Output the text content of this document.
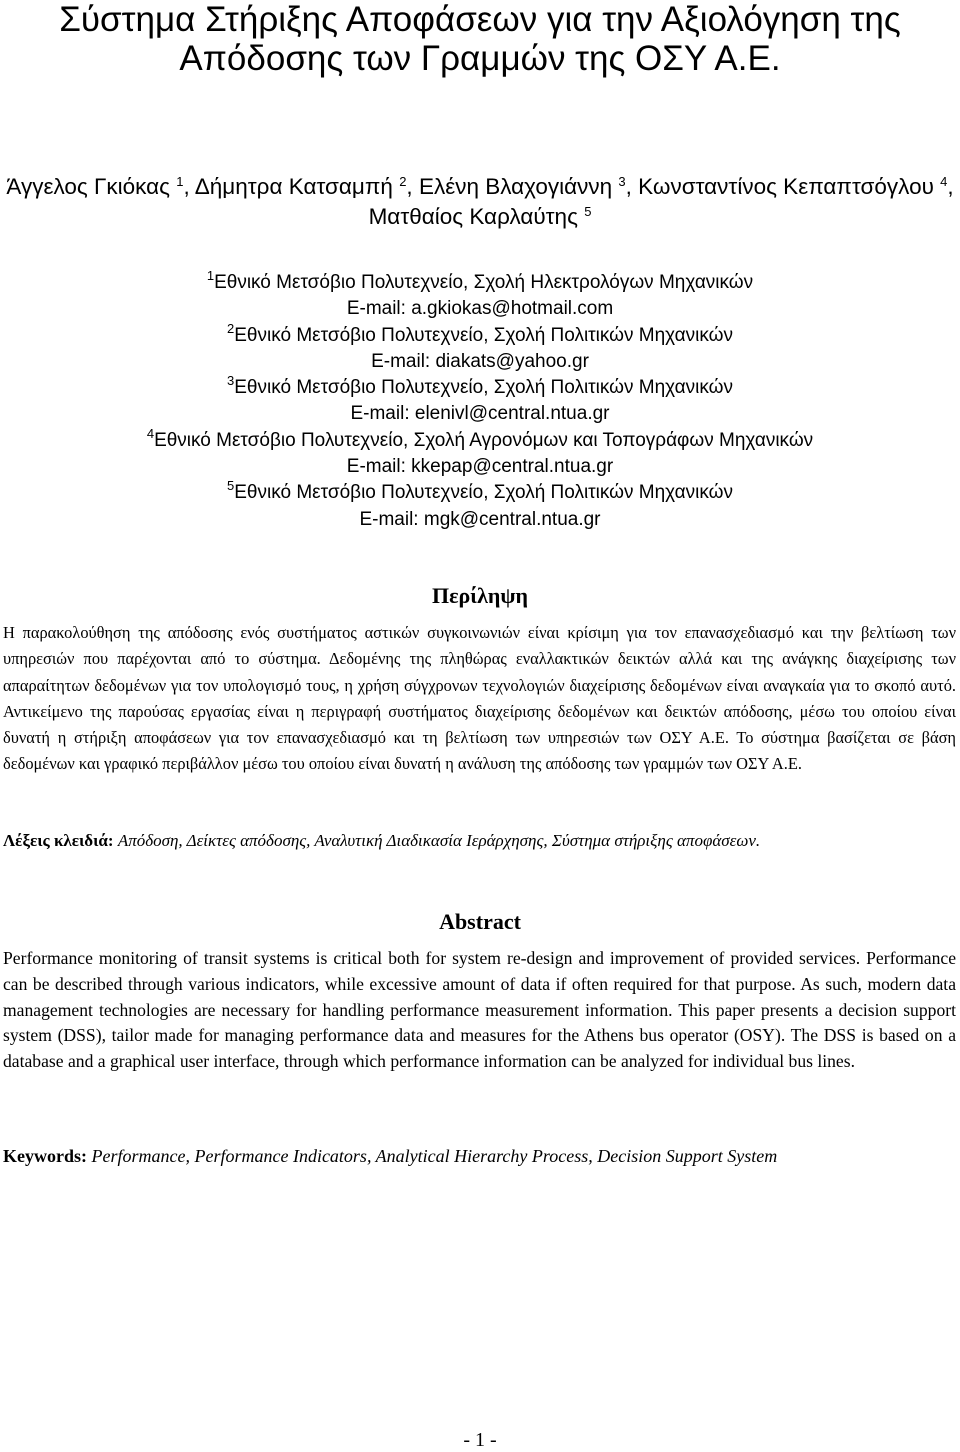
Σύστημα Στήριξης Αποφάσεων για την Αξιολόγηση της
Απόδοσης των Γραμμών της ΟΣΥ Α.Ε.
Άγγελος Γκιόκας $^1$, Δήμητρα Κατσαμπή $^2$, Ελένη Βλαχογιάννη $^3$, Κωνσταντίνος Κεπαπτσόγλου $^4$, Ματθαίος Καρλαύτης $^5$
$^1$Εθνικό Μετσόβιο Πολυτεχνείο, Σχολή Ηλεκτρολόγων Μηχανικών
E-mail: a.gkiokas@hotmail.com
$^2$Εθνικό Μετσόβιο Πολυτεχνείο, Σχολή Πολιτικών Μηχανικών
E-mail: diakats@yahoo.gr
$^3$Εθνικό Μετσόβιο Πολυτεχνείο, Σχολή Πολιτικών Μηχανικών
E-mail: elenivl@central.ntua.gr
$^4$Εθνικό Μετσόβιο Πολυτεχνείο, Σχολή Αγρονόμων και Τοπογράφων Μηχανικών
E-mail: kkepap@central.ntua.gr
$^5$Εθνικό Μετσόβιο Πολυτεχνείο, Σχολή Πολιτικών Μηχανικών
E-mail: mgk@central.ntua.gr
Περίληψη

Η παρακολούθηση της απόδοσης ενός συστήματος αστικών συγκοινωνιών είναι κρίσιμη για τον επανασχεδιασμό και την βελτίωση των υπηρεσιών που παρέχονται από το σύστημα. Δεδομένης της πληθώρας εναλλακτικών δεικτών αλλά και της ανάγκης διαχείρισης των απαραίτητων δεδομένων για τον υπολογισμό τους, η χρήση σύγχρονων τεχνολογιών διαχείρισης δεδομένων είναι αναγκαία για το σκοπό αυτό. Αντικείμενο της παρούσας εργασίας είναι η περιγραφή συστήματος διαχείρισης δεδομένων και δεικτών απόδοσης, μέσω του οποίου είναι δυνατή η στήριξη αποφάσεων για τον επανασχεδιασμό και τη βελτίωση των υπηρεσιών των ΟΣΥ Α.Ε. Το σύστημα βασίζεται σε βάση δεδομένων και γραφικό περιβάλλον μέσω του οποίου είναι δυνατή η ανάλυση της απόδοσης των γραμμών των ΟΣΥ Α.Ε.

Λέξεις κλειδιά: Απόδοση, Δείκτες απόδοσης, Αναλυτική Διαδικασία Ιεράρχησης, Σύστημα στήριξης αποφάσεων.

Abstract

Performance monitoring of transit systems is critical both for system re-design and improvement of provided services. Performance can be described through various indicators, while excessive amount of data if often required for that purpose. As such, modern data management technologies are necessary for handling performance measurement information. This paper presents a decision support system (DSS), tailor made for managing performance data and measures for the Athens bus operator (OSY). The DSS is based on a database and a graphical user interface, through which performance information can be analyzed for individual bus lines.

Keywords: Performance, Performance Indicators, Analytical Hierarchy Process, Decision Support System

- 1 -
